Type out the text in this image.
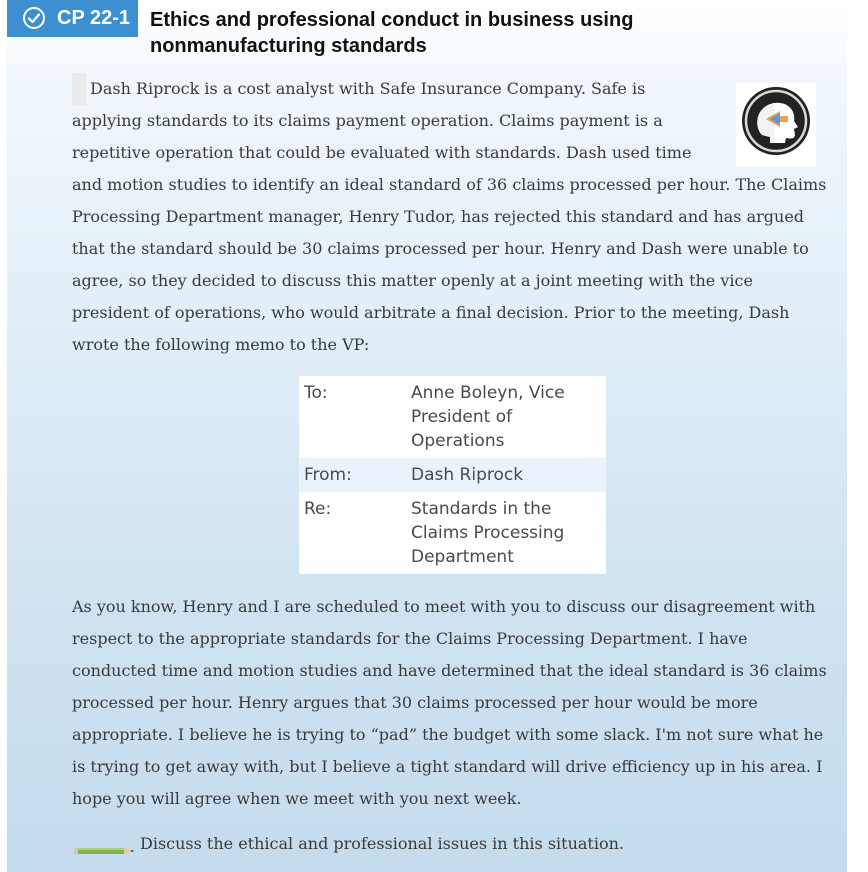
CP 22-1 Ethics and professional conduct in business using nonmanufacturing standards
Dash Riprock is a cost analyst with Safe Insurance Company. Safe is applying standards to its claims payment operation. Claims payment is a repetitive operation that could be evaluated with standards. Dash used time and motion studies to identify an ideal standard of 36 claims processed per hour. The Claims Processing Department manager, Henry Tudor, has rejected this standard and has argued that the standard should be 30 claims processed per hour. Henry and Dash were unable to agree, so they decided to discuss this matter openly at a joint meeting with the vice president of operations, who would arbitrate a final decision. Prior to the meeting, Dash wrote the following memo to the VP:
To:	Anne Boleyn, Vice President of Operations
From:	Dash Riprock
Re:	Standards in the Claims Processing Department

As you know, Henry and I are scheduled to meet with you to discuss our disagreement with respect to the appropriate standards for the Claims Processing Department. I have conducted time and motion studies and have determined that the ideal standard is 36 claims processed per hour. Henry argues that 30 claims processed per hour would be more appropriate. I believe he is trying to “pad” the budget with some slack. I'm not sure what he is trying to get away with, but I believe a tight standard will drive efficiency up in his area. I hope you will agree when we meet with you next week.

Discuss the ethical and professional issues in this situation.
